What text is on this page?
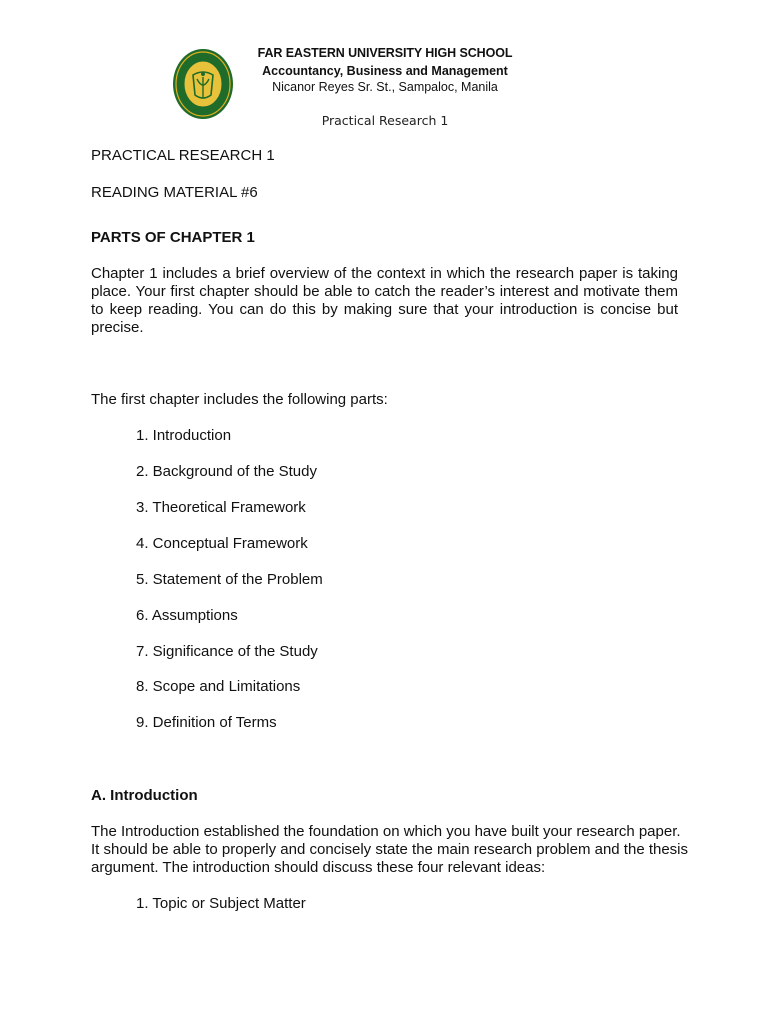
FAR EASTERN UNIVERSITY HIGH SCHOOL
Accountancy, Business and Management
Nicanor Reyes Sr. St., Sampaloc, Manila
Practical Research 1
PRACTICAL RESEARCH 1
READING MATERIAL #6
PARTS OF CHAPTER 1
Chapter 1 includes a brief overview of the context in which the research paper is taking place. Your first chapter should be able to catch the reader’s interest and motivate them to keep reading. You can do this by making sure that your introduction is concise but precise.
The first chapter includes the following parts:
1. Introduction
2. Background of the Study
3. Theoretical Framework
4. Conceptual Framework
5. Statement of the Problem
6. Assumptions
7. Significance of the Study
8. Scope and Limitations
9. Definition of Terms
A. Introduction
The Introduction established the foundation on which you have built your research paper. It should be able to properly and concisely state the main research problem and the thesis argument. The introduction should discuss these four relevant ideas:
1. Topic or Subject Matter
